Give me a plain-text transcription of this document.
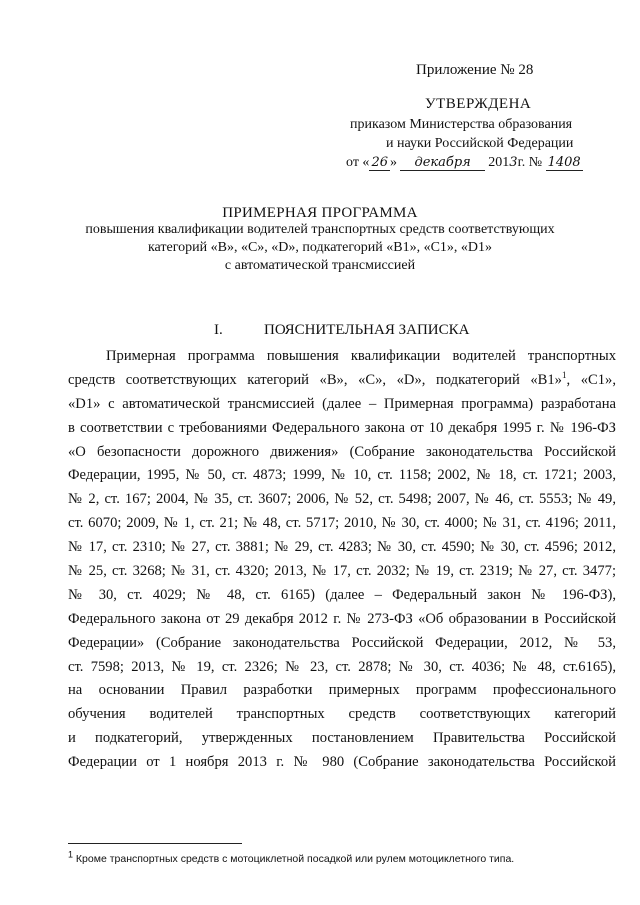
Приложение № 28
УТВЕРЖДЕНА
приказом Министерства образования
и науки Российской Федерации
от « 26 » декабря 2013г. № 1408
ПРИМЕРНАЯ ПРОГРАММА
повышения квалификации водителей транспортных средств соответствующих
категорий «B», «C», «D», подкатегорий «B1», «C1», «D1»
с автоматической трансмиссией
I.	ПОЯСНИТЕЛЬНАЯ ЗАПИСКА
Примерная программа повышения квалификации водителей транспортных
средств соответствующих категорий «B», «C», «D», подкатегорий «B1»$^1$, «C1»,
«D1» с автоматической трансмиссией (далее – Примерная программа) разработана
в соответствии с требованиями Федерального закона от 10 декабря 1995 г. № 196-ФЗ
«О безопасности дорожного движения» (Собрание законодательства Российской
Федерации, 1995, № 50, ст. 4873; 1999, № 10, ст. 1158; 2002, № 18, ст. 1721; 2003,
№ 2, ст. 167; 2004, № 35, ст. 3607; 2006, № 52, ст. 5498; 2007, № 46, ст. 5553; № 49,
ст. 6070; 2009, № 1, ст. 21; № 48, ст. 5717; 2010, № 30, ст. 4000; № 31, ст. 4196; 2011,
№ 17, ст. 2310; № 27, ст. 3881; № 29, ст. 4283; № 30, ст. 4590; № 30, ст. 4596; 2012,
№ 25, ст. 3268; № 31, ст. 4320; 2013, № 17, ст. 2032; № 19, ст. 2319; № 27, ст. 3477;
№ 30, ст. 4029; № 48, ст. 6165) (далее – Федеральный закон № 196-ФЗ),
Федерального закона от 29 декабря 2012 г. № 273-ФЗ «Об образовании в Российской
Федерации» (Собрание законодательства Российской Федерации, 2012, № 53,
ст. 7598; 2013, № 19, ст. 2326; № 23, ст. 2878; № 30, ст. 4036; № 48, ст.6165),
на основании Правил разработки примерных программ профессионального
обучения водителей транспортных средств соответствующих категорий
и подкатегорий, утвержденных постановлением Правительства Российской
Федерации от 1 ноября 2013 г. № 980 (Собрание законодательства Российской
$^1$ Кроме транспортных средств с мотоциклетной посадкой или рулем мотоциклетного типа.
